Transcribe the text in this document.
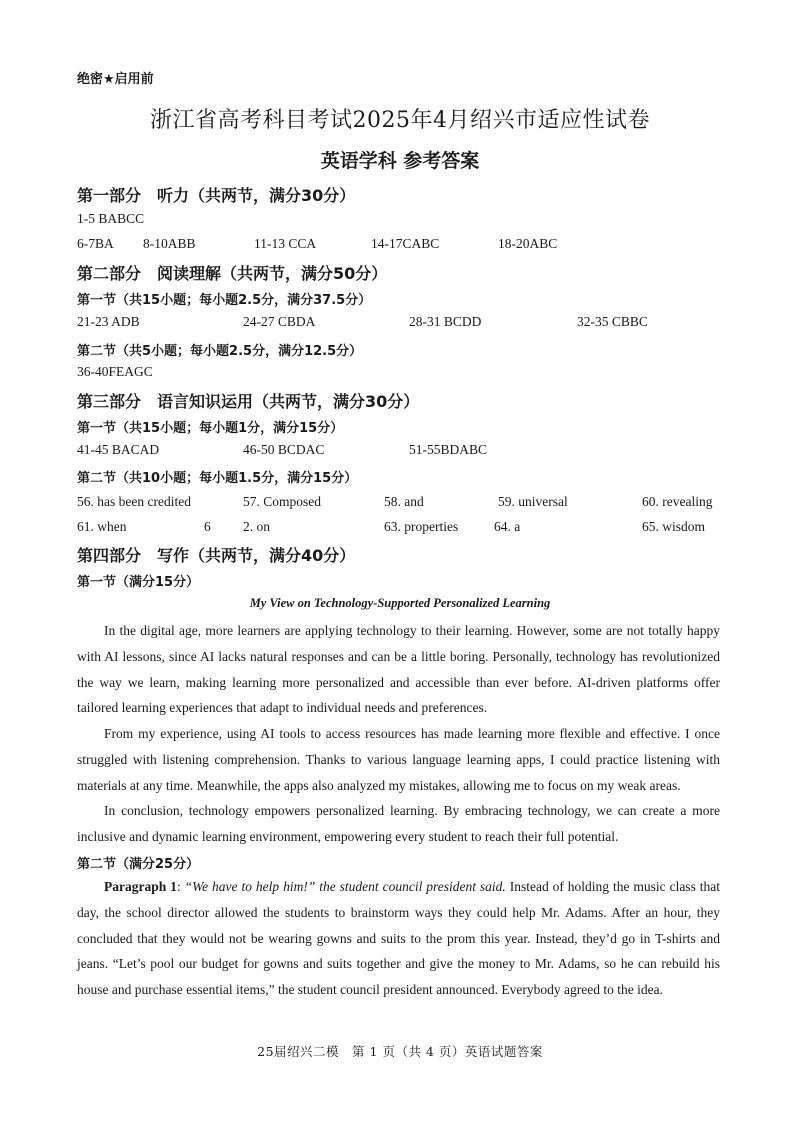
绝密★启用前
浙江省高考科目考试2025年4月绍兴市适应性试卷
英语学科 参考答案
第一部分　听力（共两节，满分30分）
1-5 BABCC
6-7BA 8-10ABB	11-13 CCA	14-17CABC	18-20ABC
第二部分　阅读理解（共两节，满分50分）
第一节（共15小题；每小题2.5分，满分37.5分）
21-23 ADB	24-27 CBDA	28-31 BCDD	32-35 CBBC
第二节（共5小题；每小题2.5分，满分12.5分）
36-40FEAGC
第三部分　语言知识运用（共两节，满分30分）
第一节（共15小题；每小题1分，满分15分）
41-45 BACAD	46-50 BCDAC	51-55BDABC
第二节（共10小题；每小题1.5分，满分15分）
56. has been credited	57. Composed	58. and	59. universal	60. revealing
61. when	6 2. on	63. properties	64. a	65. wisdom
第四部分　写作（共两节，满分40分）
第一节（满分15分）
My View on Technology-Supported Personalized Learning

In the digital age, more learners are applying technology to their learning. However, some are not totally happy with AI lessons, since AI lacks natural responses and can be a little boring. Personally, technology has revolutionized the way we learn, making learning more personalized and accessible than ever before. AI-driven platforms offer tailored learning experiences that adapt to individual needs and preferences.

From my experience, using AI tools to access resources has made learning more flexible and effective. I once struggled with listening comprehension. Thanks to various language learning apps, I could practice listening with materials at any time. Meanwhile, the apps also analyzed my mistakes, allowing me to focus on my weak areas.

In conclusion, technology empowers personalized learning. By embracing technology, we can create a more inclusive and dynamic learning environment, empowering every student to reach their full potential.

第二节（满分25分）

Paragraph 1: “We have to help him!” the student council president said. Instead of holding the music class that day, the school director allowed the students to brainstorm ways they could help Mr. Adams. After an hour, they concluded that they would not be wearing gowns and suits to the prom this year. Instead, they’d go in T-shirts and jeans. “Let’s pool our budget for gowns and suits together and give the money to Mr. Adams, so he can rebuild his house and purchase essential items,” the student council president announced. Everybody agreed to the idea.

25届绍兴二模　第 1 页（共 4 页）英语试题答案
